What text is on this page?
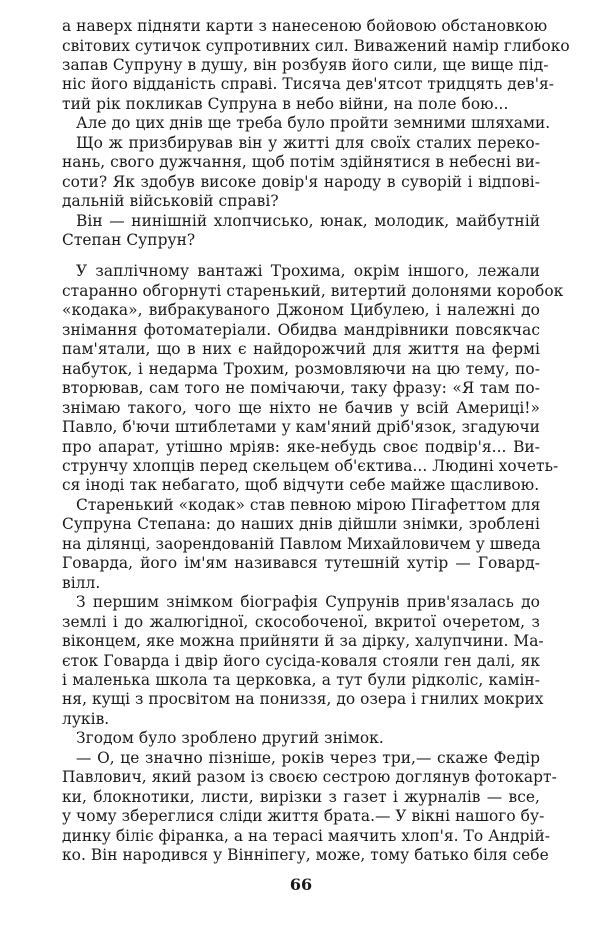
а наверх підняти карти з нанесеною бойовою обстановкою
світових сутичок супротивних сил. Виважений намір глибоко
запав Супруну в душу, він розбуяв його сили, ще вище під-
ніс його відданість справі. Тисяча дев'ятсот тридцять дев'я-
тий рік покликав Супруна в небо війни, на поле бою...
Але до цих днів ще треба було пройти земними шляхами.
Що ж призбирував він у житті для своїх сталих переко-
нань, свого дужчання, щоб потім здійнятися в небесні ви-
соти? Як здобув високе довір'я народу в суворій і відпові-
дальній військовій справі?
Він — нинішній хлопчисько, юнак, молодик, майбутній
Степан Супрун?
У заплічному вантажі Трохима, окрім іншого, лежали
старанно обгорнуті старенький, витертий долонями коробок
«кодака», вибракуваного Джоном Цибулею, і належні до
знімання фотоматеріали. Обидва мандрівники повсякчас
пам'ятали, що в них є найдорожчий для життя на фермі
набуток, і недарма Трохим, розмовляючи на цю тему, по-
вторював, сам того не помічаючи, таку фразу: «Я там по-
знімаю такого, чого ще ніхто не бачив у всій Америці!»
Павло, б'ючи штиблетами у кам'яний дріб'язок, згадуючи
про апарат, утішно мріяв: яке-небудь своє подвір'я... Ви-
струнчу хлопців перед скельцем об'єктива... Людині хочеть-
ся іноді так небагато, щоб відчути себе майже щасливою.
Старенький «кодак» став певною мірою Пігафеттом для
Супруна Степана: до наших днів дійшли знімки, зроблені
на ділянці, заорендованій Павлом Михайловичем у шведа
Говарда, його ім'ям називався тутешній хутір — Говард-
вілл.
З першим знімком біографія Супрунів прив'язалась до
землі і до жалюгідної, скособоченої, вкритої очеретом, з
віконцем, яке можна прийняти й за дірку, халупчини. Ма-
єток Говарда і двір його сусіда-коваля стояли ген далі, як
і маленька школа та церковка, а тут були рідколіс, камін-
ня, кущі з просвітом на пониззя, до озера і гнилих мокрих
луків.
66
Згодом було зроблено другий знімок.
— О, це значно пізніше, років через три,— скаже Федір
Павлович, який разом із своєю сестрою доглянув фотокарт-
ки, блокнотики, листи, вирізки з газет і журналів — все,
у чому збереглися сліди життя брата.— У вікні нашого бу-
динку біліє фіранка, а на терасі маячить хлоп'я. То Андрій-
ко. Він народився у Вінніпегу, може, тому батько біля себе
